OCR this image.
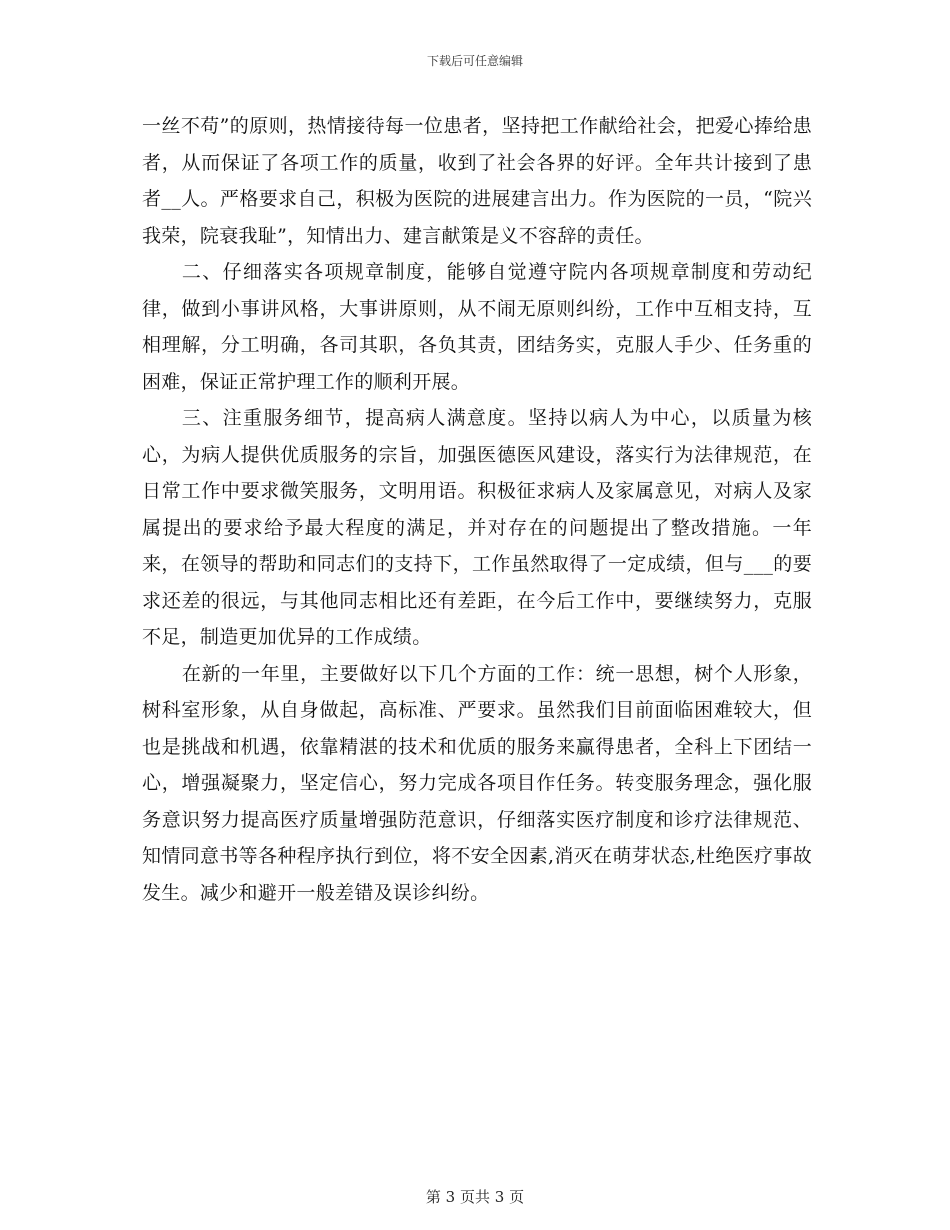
下载后可任意编辑

一丝不苟”的原则，热情接待每一位患者，坚持把工作献给社会，把爱心捧给患者，从而保证了各项工作的质量，收到了社会各界的好评。全年共计接到了患者__人。严格要求自己，积极为医院的进展建言出力。作为医院的一员，“院兴我荣，院衰我耻”，知情出力、建言献策是义不容辞的责任。

二、仔细落实各项规章制度，能够自觉遵守院内各项规章制度和劳动纪律，做到小事讲风格，大事讲原则，从不闹无原则纠纷，工作中互相支持，互相理解，分工明确，各司其职，各负其责，团结务实，克服人手少、任务重的困难，保证正常护理工作的顺利开展。

三、注重服务细节，提高病人满意度。坚持以病人为中心，以质量为核心，为病人提供优质服务的宗旨，加强医德医风建设，落实行为法律规范，在日常工作中要求微笑服务，文明用语。积极征求病人及家属意见，对病人及家属提出的要求给予最大程度的满足，并对存在的问题提出了整改措施。一年来，在领导的帮助和同志们的支持下，工作虽然取得了一定成绩，但与___的要求还差的很远，与其他同志相比还有差距，在今后工作中，要继续努力，克服不足，制造更加优异的工作成绩。

在新的一年里，主要做好以下几个方面的工作：统一思想，树个人形象，树科室形象，从自身做起，高标准、严要求。虽然我们目前面临困难较大，但也是挑战和机遇，依靠精湛的技术和优质的服务来赢得患者，全科上下团结一心，增强凝聚力，坚定信心，努力完成各项目作任务。转变服务理念，强化服务意识努力提高医疗质量增强防范意识，仔细落实医疗制度和诊疗法律规范、知情同意书等各种程序执行到位，将不安全因素,消灭在萌芽状态,杜绝医疗事故发生。减少和避开一般差错及误诊纠纷。

第 3 页共 3 页
